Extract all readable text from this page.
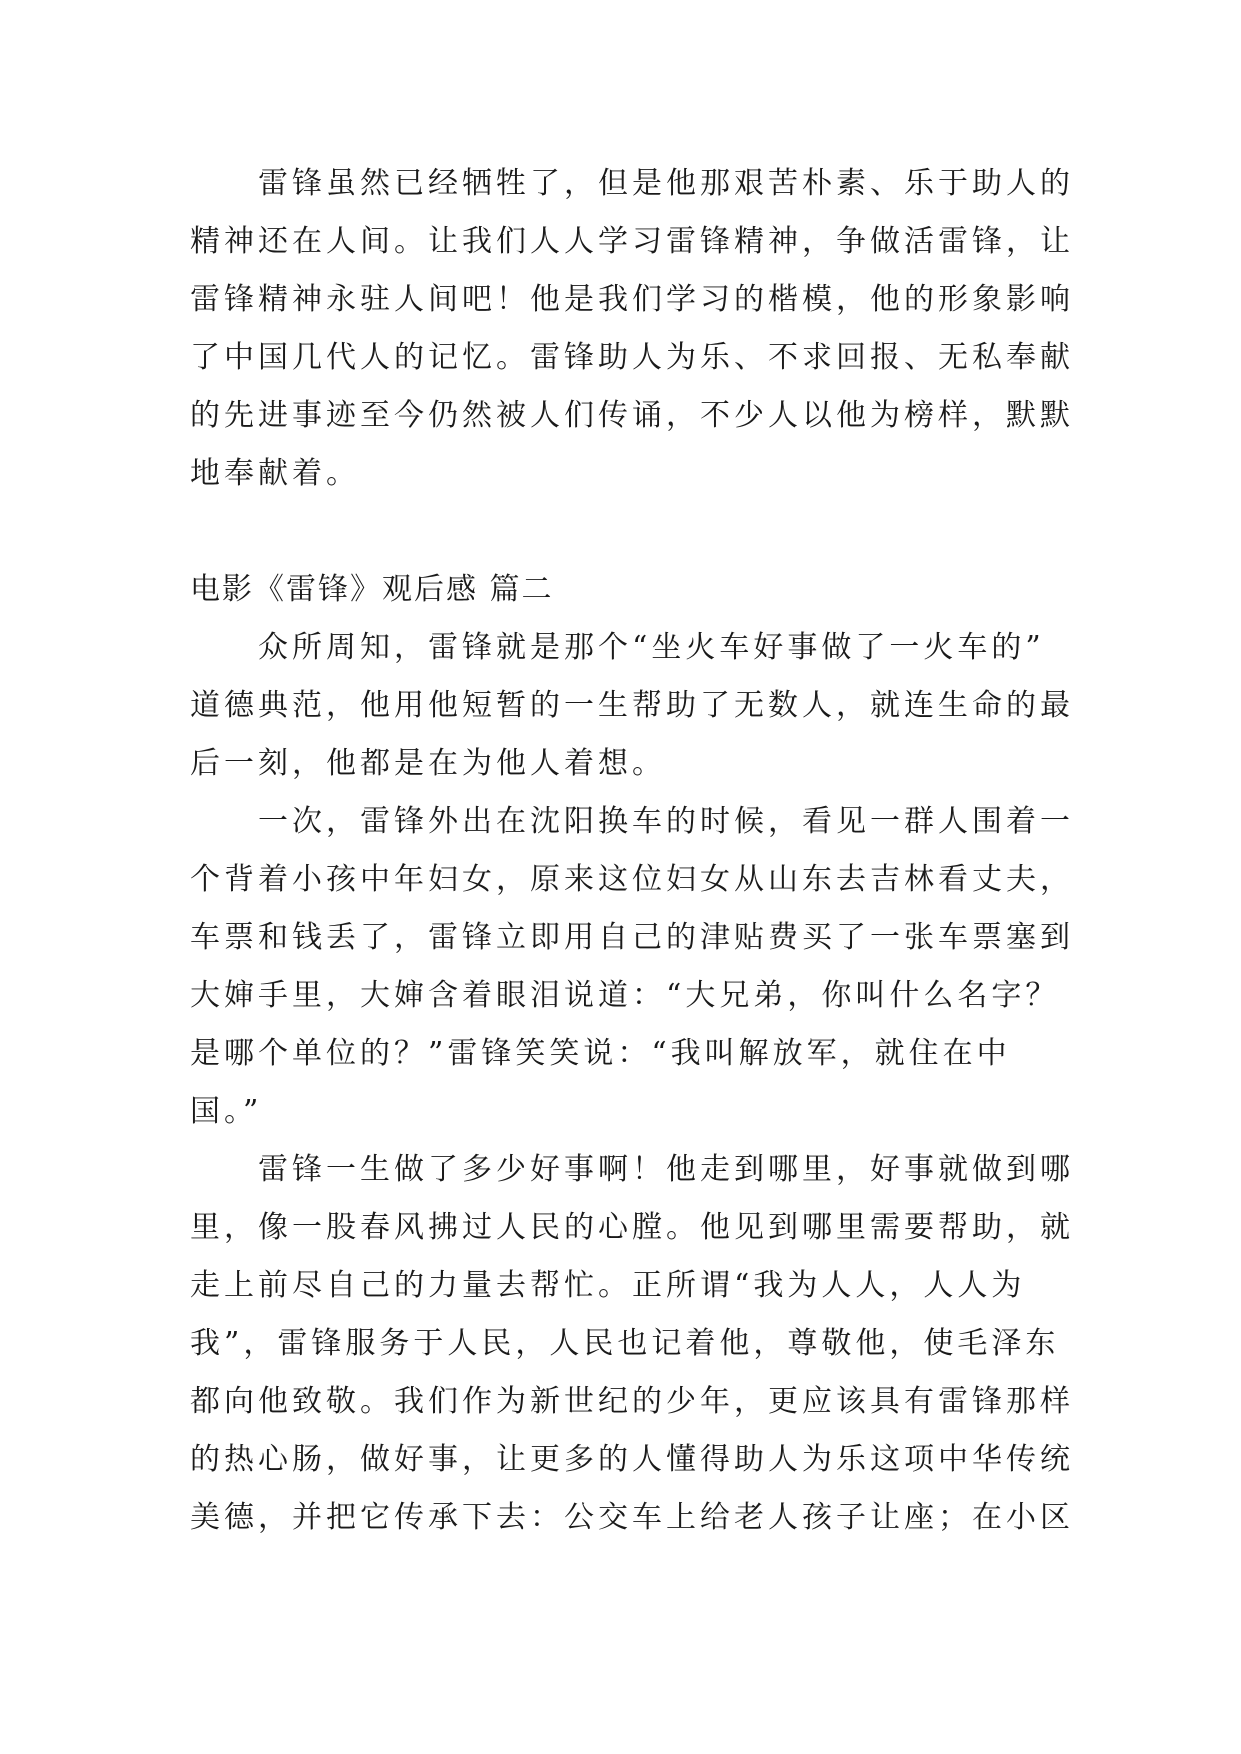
雷锋虽然已经牺牲了，但是他那艰苦朴素、乐于助人的
精神还在人间。让我们人人学习雷锋精神，争做活雷锋，让
雷锋精神永驻人间吧！他是我们学习的楷模，他的形象影响
了中国几代人的记忆。雷锋助人为乐、不求回报、无私奉献
的先进事迹至今仍然被人们传诵，不少人以他为榜样，默默
地奉献着。
电影《雷锋》观后感 篇二
众所周知，雷锋就是那个“坐火车好事做了一火车的”
道德典范，他用他短暂的一生帮助了无数人，就连生命的最
后一刻，他都是在为他人着想。
一次，雷锋外出在沈阳换车的时候，看见一群人围着一
个背着小孩中年妇女，原来这位妇女从山东去吉林看丈夫，
车票和钱丢了，雷锋立即用自己的津贴费买了一张车票塞到
大婶手里，大婶含着眼泪说道：“大兄弟，你叫什么名字？
是哪个单位的？”雷锋笑笑说：“我叫解放军，就住在中
国。”
雷锋一生做了多少好事啊！他走到哪里，好事就做到哪
里，像一股春风拂过人民的心膛。他见到哪里需要帮助，就
走上前尽自己的力量去帮忙。正所谓“我为人人，人人为
我”，雷锋服务于人民，人民也记着他，尊敬他，使毛泽东
都向他致敬。我们作为新世纪的少年，更应该具有雷锋那样
的热心肠，做好事，让更多的人懂得助人为乐这项中华传统
美德，并把它传承下去：公交车上给老人孩子让座；在小区
